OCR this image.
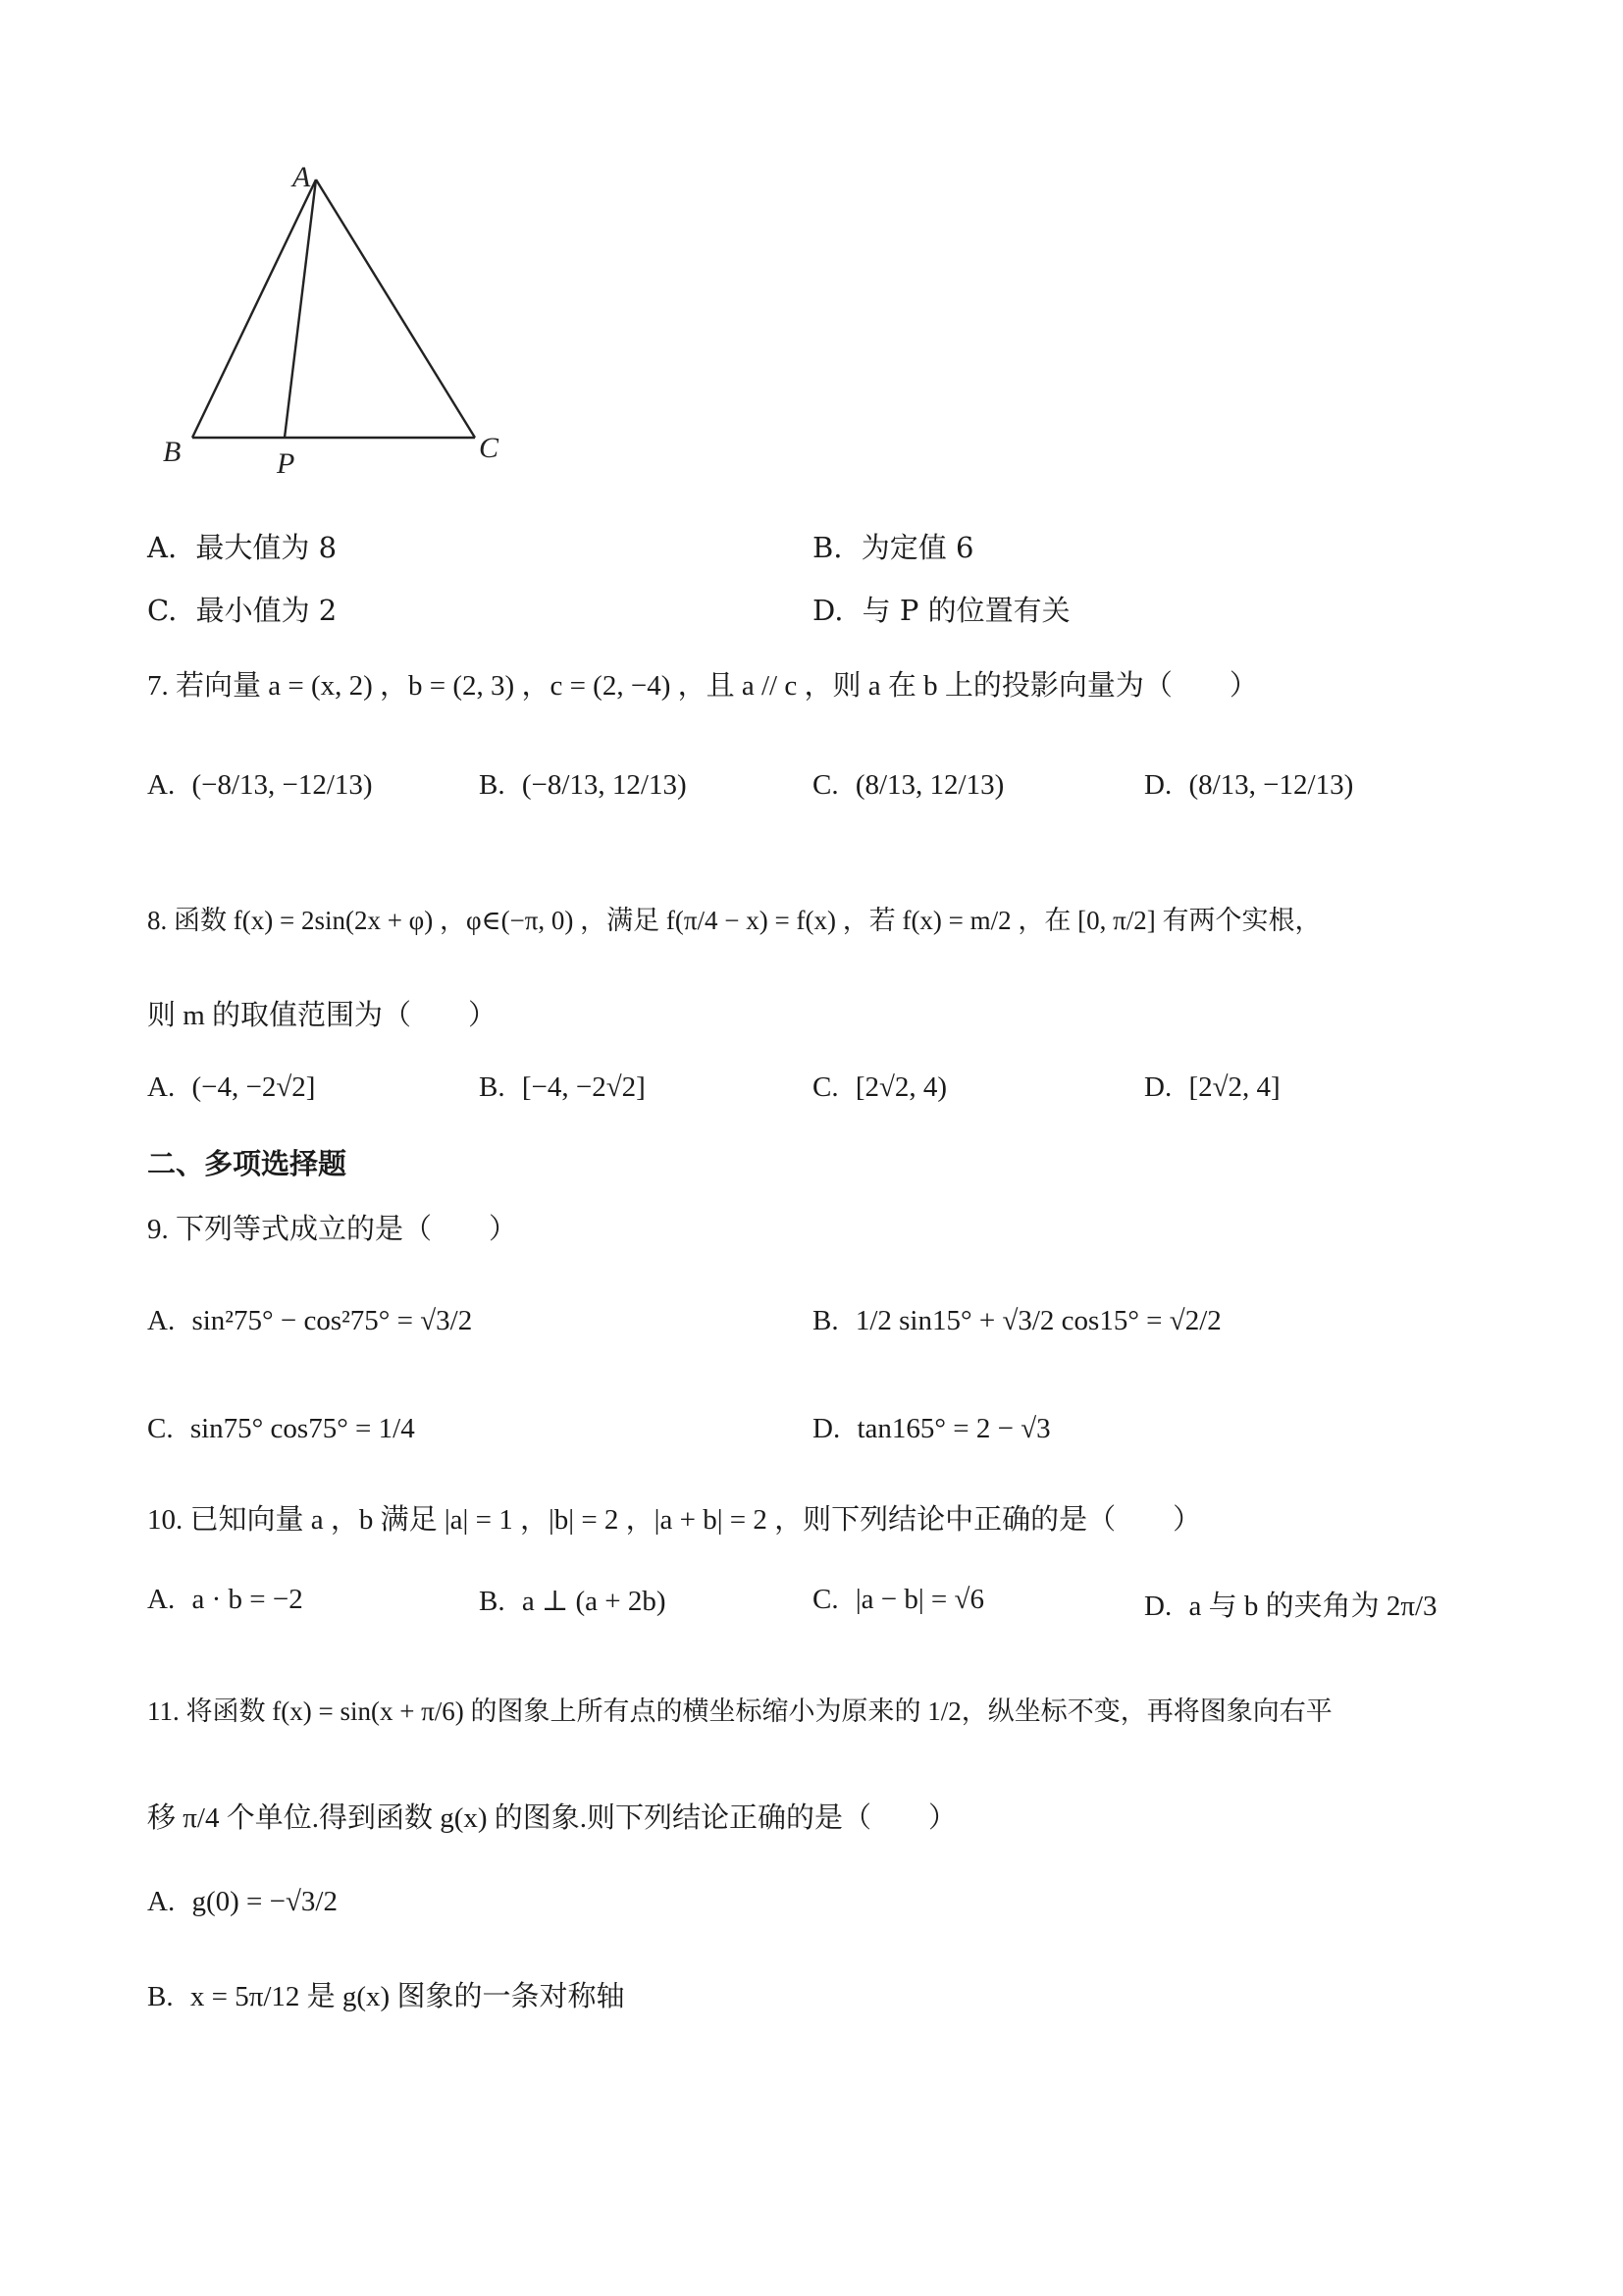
A
B	C
P
A. 最大值为 8	B. 为定值 6
C. 最小值为 2	D. 与 P 的位置有关
7. 若向量 a = (x, 2) ，b = (2, 3) ，c = (2, −4) ，且 a // c ，则 a 在 b 上的投影向量为（　　）
A. (−8/13, −12/13)	B. (−8/13, 12/13)	C. (8/13, 12/13)	D. (8/13, −12/13)
8. 函数 f(x) = 2sin(2x + φ) ，φ∈(−π, 0) ，满足 f(π/4 − x) = f(x) ，若 f(x) = m/2 ，在 [0, π/2] 有两个实根，
则 m 的取值范围为（　　）
A. (−4, −2√2]	B. [−4, −2√2]	C. [2√2, 4)	D. [2√2, 4]
二、多项选择题
9. 下列等式成立的是（　　）
A. sin²75° − cos²75° = √3/2	B. 1/2 sin15° + √3/2 cos15° = √2/2
C. sin75° cos75° = 1/4	D. tan165° = 2 − √3
10. 已知向量 a ，b 满足 |a| = 1 ，|b| = 2 ，|a + b| = 2 ，则下列结论中正确的是（　　）
A. a · b = −2	B. a ⊥ (a + 2b)	C. |a − b| = √6	D. a 与 b 的夹角为 2π/3
11. 将函数 f(x) = sin(x + π/6) 的图象上所有点的横坐标缩小为原来的 1/2，纵坐标不变，再将图象向右平
移 π/4 个单位.得到函数 g(x) 的图象.则下列结论正确的是（　　）
A. g(0) = −√3/2
B. x = 5π/12 是 g(x) 图象的一条对称轴
